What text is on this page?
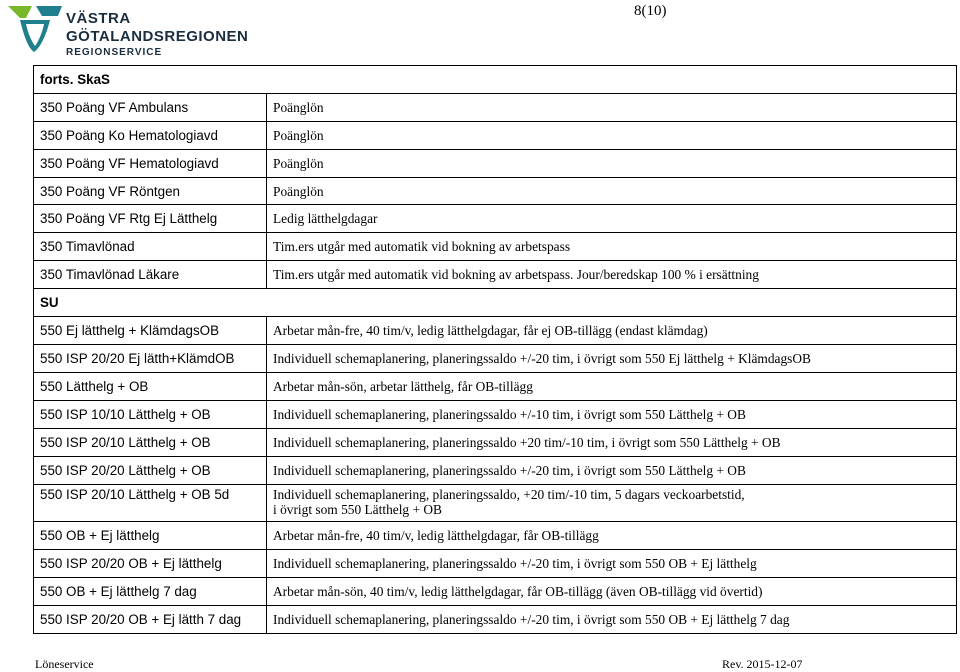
VÄSTRA
GÖTALANDSREGIONEN
REGIONSERVICE
8(10)
forts. SkaS	
350 Poäng VF Ambulans	Poänglön
350 Poäng Ko Hematologiavd	Poänglön
350 Poäng VF Hematologiavd	Poänglön
350 Poäng VF Röntgen	Poänglön
350 Poäng VF Rtg Ej Lätthelg	Ledig lätthelgdagar
350 Timavlönad	Tim.ers utgår med automatik vid bokning av arbetspass
350 Timavlönad Läkare	Tim.ers utgår med automatik vid bokning av arbetspass. Jour/beredskap 100 % i ersättning
SU	
550 Ej lätthelg + KlämdagsOB	Arbetar mån-fre, 40 tim/v, ledig lätthelgdagar, får ej OB-tillägg (endast klämdag)
550 ISP 20/20 Ej lätth+KlämdOB	Individuell schemaplanering, planeringssaldo +/-20 tim, i övrigt som 550 Ej lätthelg + KlämdagsOB
550 Lätthelg + OB	Arbetar mån-sön, arbetar lätthelg, får OB-tillägg
550 ISP 10/10 Lätthelg + OB	Individuell schemaplanering, planeringssaldo +/-10 tim, i övrigt som 550 Lätthelg + OB
550 ISP 20/10 Lätthelg + OB	Individuell schemaplanering, planeringssaldo +20 tim/-10 tim, i övrigt som 550 Lätthelg + OB
550 ISP 20/20 Lätthelg + OB	Individuell schemaplanering, planeringssaldo +/-20 tim, i övrigt som 550 Lätthelg + OB
550 ISP 20/10 Lätthelg + OB 5d	Individuell schemaplanering, planeringssaldo, +20 tim/-10 tim, 5 dagars veckoarbetstid,
i övrigt som 550 Lätthelg + OB

550 OB + Ej lätthelg	Arbetar mån-fre, 40 tim/v, ledig lätthelgdagar, får OB-tillägg
550 ISP 20/20 OB + Ej lätthelg	Individuell schemaplanering, planeringssaldo +/-20 tim, i övrigt som 550 OB + Ej lätthelg
550 OB + Ej lätthelg 7 dag	Arbetar mån-sön, 40 tim/v, ledig lätthelgdagar, får OB-tillägg (även OB-tillägg vid övertid)
550 ISP 20/20 OB + Ej lätth 7 dag	Individuell schemaplanering, planeringssaldo +/-20 tim, i övrigt som 550 OB + Ej lätthelg 7 dag
Löneservice	Rev. 2015-12-07
